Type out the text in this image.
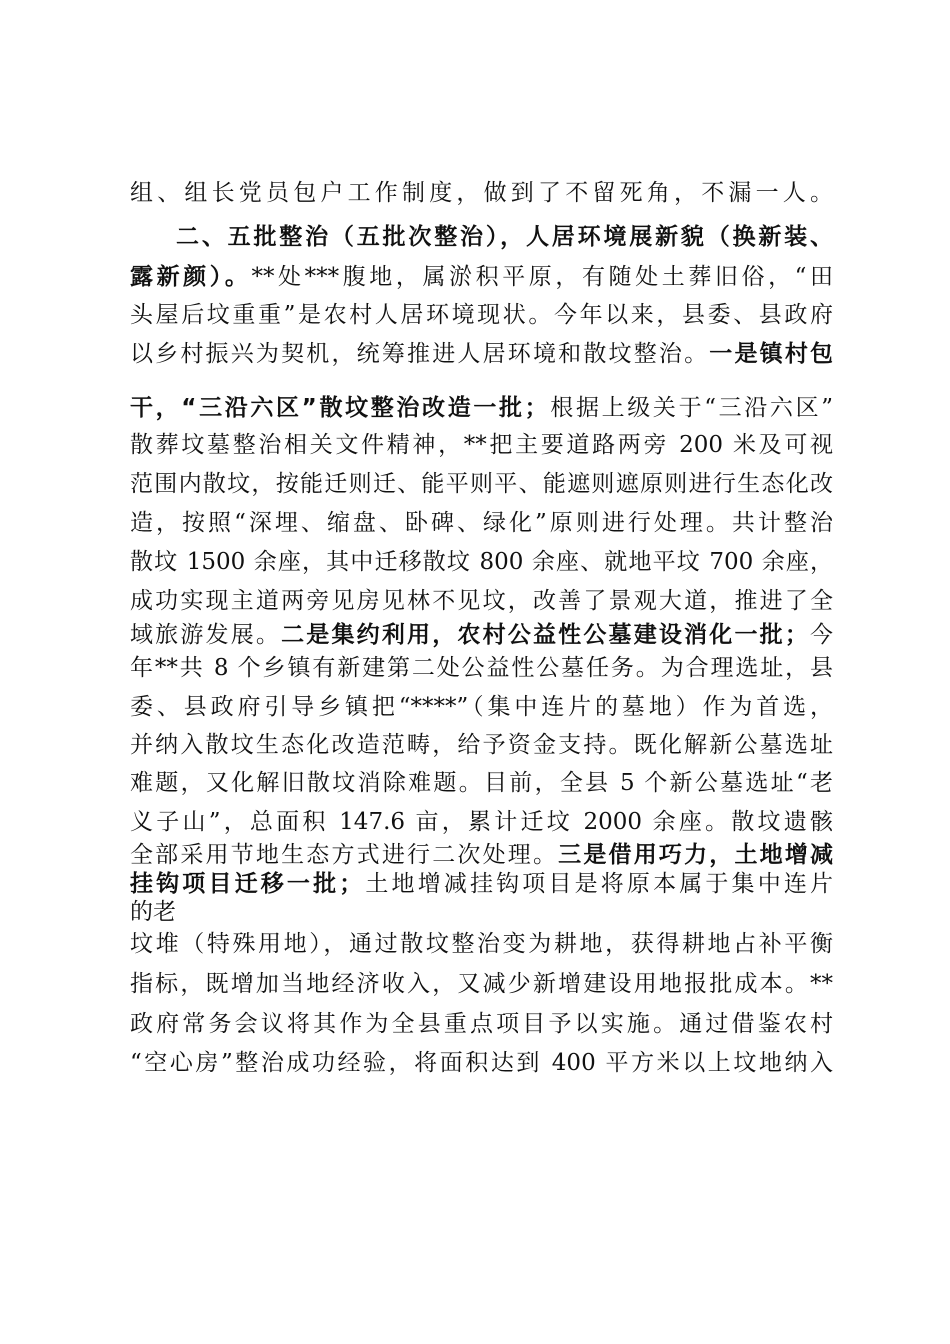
组、组长党员包户工作制度，做到了不留死角，不漏一人。
二、五批整治（五批次整治），人居环境展新貌（换新装、
露新颜）。**处***腹地，属淤积平原，有随处土葬旧俗，“田
头屋后坟重重”是农村人居环境现状。今年以来，县委、县政府
以乡村振兴为契机，统筹推进人居环境和散坟整治。一是镇村包
干，“三沿六区”散坟整治改造一批；根据上级关于“三沿六区”
散葬坟墓整治相关文件精神，**把主要道路两旁 200 米及可视
范围内散坟，按能迁则迁、能平则平、能遮则遮原则进行生态化改
造，按照“深埋、缩盘、卧碑、绿化”原则进行处理。共计整治
散坟 1500 余座，其中迁移散坟 800 余座、就地平坟 700 余座，
成功实现主道两旁见房见林不见坟，改善了景观大道，推进了全
域旅游发展。二是集约利用，农村公益性公墓建设消化一批；今
年**共 8 个乡镇有新建第二处公益性公墓任务。为合理选址，县
委、县政府引导乡镇把“****”（集中连片的墓地）作为首选，
并纳入散坟生态化改造范畴，给予资金支持。既化解新公墓选址
难题，又化解旧散坟消除难题。目前，全县 5 个新公墓选址“老
义子山”，总面积 147.6 亩，累计迁坟 2000 余座。散坟遗骸
全部采用节地生态方式进行二次处理。三是借用巧力，土地增减
挂钩项目迁移一批；土地增减挂钩项目是将原本属于集中连片
的老
坟堆（特殊用地），通过散坟整治变为耕地，获得耕地占补平衡
指标，既增加当地经济收入，又减少新增建设用地报批成本。**
政府常务会议将其作为全县重点项目予以实施。通过借鉴农村
“空心房”整治成功经验，将面积达到 400 平方米以上坟地纳入
